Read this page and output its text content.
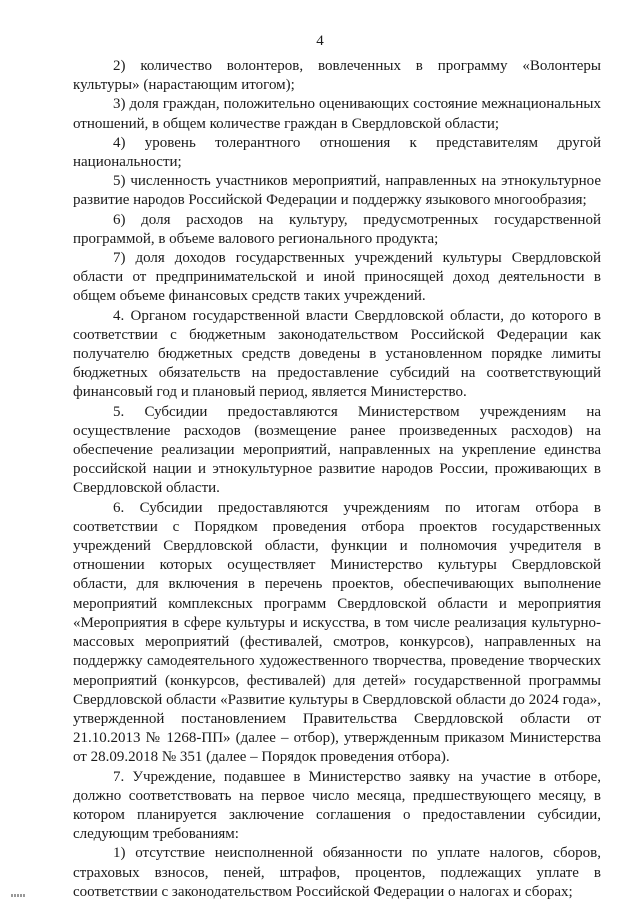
4

2) количество волонтеров, вовлеченных в программу «Волонтеры культуры» (нарастающим итогом);

3) доля граждан, положительно оценивающих состояние межнациональных отношений, в общем количестве граждан в Свердловской области;

4) уровень толерантного отношения к представителям другой национальности;

5) численность участников мероприятий, направленных на этнокультурное развитие народов Российской Федерации и поддержку языкового многообразия;

6) доля расходов на культуру, предусмотренных государственной программой, в объеме валового регионального продукта;

7) доля доходов государственных учреждений культуры Свердловской области от предпринимательской и иной приносящей доход деятельности в общем объеме финансовых средств таких учреждений.

4. Органом государственной власти Свердловской области, до которого в соответствии с бюджетным законодательством Российской Федерации как получателю бюджетных средств доведены в установленном порядке лимиты бюджетных обязательств на предоставление субсидий на соответствующий финансовый год и плановый период, является Министерство.

5. Субсидии предоставляются Министерством учреждениям на осуществление расходов (возмещение ранее произведенных расходов) на обеспечение реализации мероприятий, направленных на укрепление единства российской нации и этнокультурное развитие народов России, проживающих в Свердловской области.

6. Субсидии предоставляются учреждениям по итогам отбора в соответствии с Порядком проведения отбора проектов государственных учреждений Свердловской области, функции и полномочия учредителя в отношении которых осуществляет Министерство культуры Свердловской области, для включения в перечень проектов, обеспечивающих выполнение мероприятий комплексных программ Свердловской области и мероприятия «Мероприятия в сфере культуры и искусства, в том числе реализация культурно-массовых мероприятий (фестивалей, смотров, конкурсов), направленных на поддержку самодеятельного художественного творчества, проведение творческих мероприятий (конкурсов, фестивалей) для детей» государственной программы Свердловской области «Развитие культуры в Свердловской области до 2024 года», утвержденной постановлением Правительства Свердловской области от 21.10.2013 № 1268-ПП» (далее – отбор), утвержденным приказом Министерства от 28.09.2018 № 351 (далее – Порядок проведения отбора).

7. Учреждение, подавшее в Министерство заявку на участие в отборе, должно соответствовать на первое число месяца, предшествующего месяцу, в котором планируется заключение соглашения о предоставлении субсидии, следующим требованиям:

1) отсутствие неисполненной обязанности по уплате налогов, сборов, страховых взносов, пеней, штрафов, процентов, подлежащих уплате в соответствии с законодательством Российской Федерации о налогах и сборах;
